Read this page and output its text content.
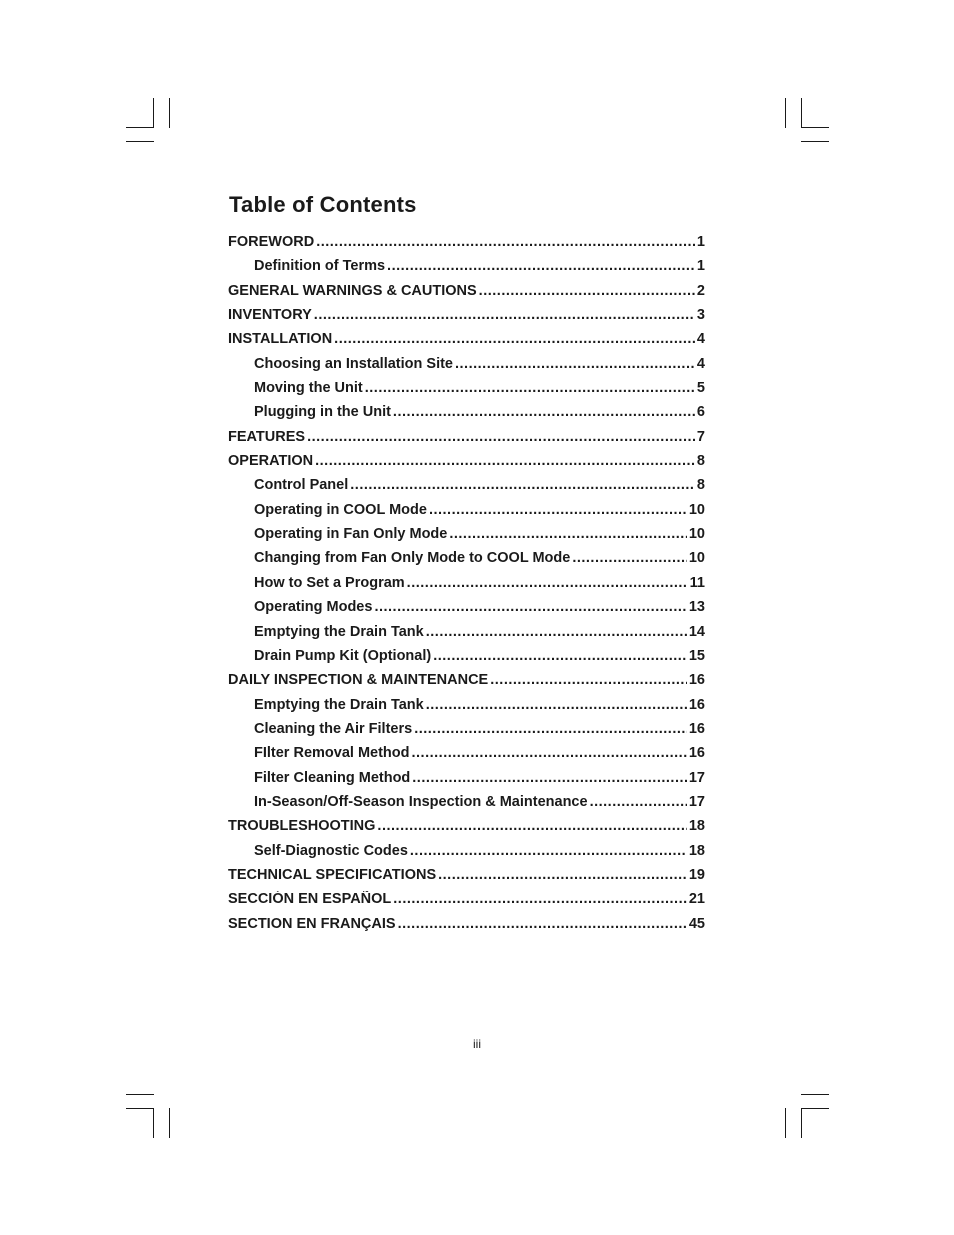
Table of Contents
FOREWORD .....	1
Definition of Terms .....	1
GENERAL WARNINGS & CAUTIONS .....	2
INVENTORY .....	3
INSTALLATION .....	4
Choosing an Installation Site .....	4
Moving the Unit .....	5
Plugging in the Unit .....	6
FEATURES .....	7
OPERATION .....	8
Control Panel .....	8
Operating in COOL Mode .....	10
Operating in Fan Only Mode .....	10
Changing from Fan Only Mode to COOL Mode .....	10
How to Set a Program .....	11
Operating Modes .....	13
Emptying the Drain Tank .....	14
Drain Pump Kit (Optional) .....	15
DAILY INSPECTION & MAINTENANCE .....	16
Emptying the Drain Tank .....	16
Cleaning the Air Filters .....	16
FIlter Removal Method .....	16
Filter Cleaning Method .....	17
In-Season/Off-Season Inspection & Maintenance .....	17
TROUBLESHOOTING .....	18
Self-Diagnostic Codes .....	18
TECHNICAL SPECIFICATIONS .....	19
SECCIÓN EN ESPAÑOL .....	21
SECTION EN FRANÇAIS .....	45
iii
